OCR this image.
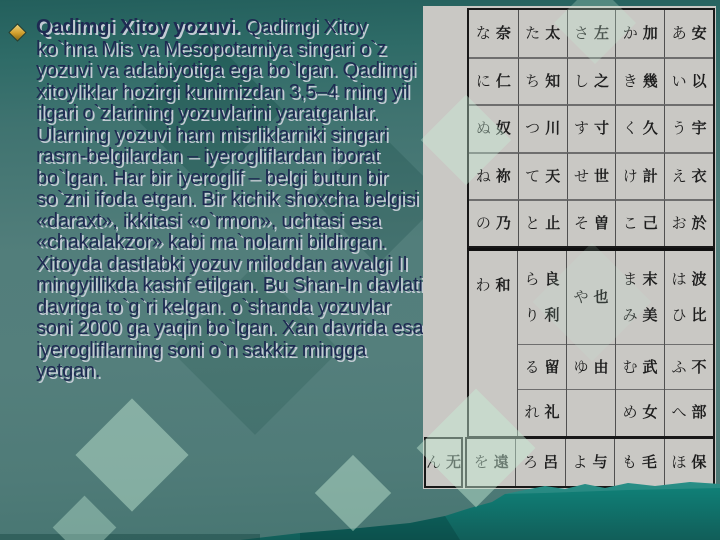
Qadimgi Xitoy yozuvi. Qadimgi Xitoy ko`hna Mis va Mesopotamiya singari o`z yozuvi va adabiyotiga ega bo`lgan. Qadimgi xitoyliklar hozirgi kunimizdan 3,5–4 ming yil ilgari o`zlarining yozuvlarini yaratganlar. Ularning yozuvi ham misrliklarniki singari rasm-belgilardan – iyerogliflardan iborat bo`lgan. Har bir iyeroglif – belgi butun bir so`zni ifoda etgan. Bir kichik shoxcha belgisi «daraxt», ikkitasi «o`rmon», uchtasi esa «chakalakzor» kabi ma`nolarni bildirgan. Xitoyda dastlabki yozuv miloddan avvalgi II mingyillikda kashf etilgan. Bu Shan-In davlati davriga to`g`ri kelgan. o`shanda yozuvlar soni 2000 ga yaqin bo`lgan. Xan davrida esa iyerogliflarning soni o`n sakkiz mingga yetgan.

な 奈 た 太 さ 左 か 加 あ 安
に 仁 ち 知 し 之 き 幾 い 以
ぬ 奴 つ 川 す 寸 く 久 う 宇
ね 祢 て 天 せ 世 け 計 え 衣
の 乃 と 止 そ 曽 こ 己 お 於
わ 和 ら 良
り 利
る 留
れ 礼
や 也
ゆ 由
ま 末
み 美
む 武
め 女
は 波
ひ 比
ふ 不
へ 部
ん 无 を 遠 ろ 呂 よ 与 も 毛 ほ 保
